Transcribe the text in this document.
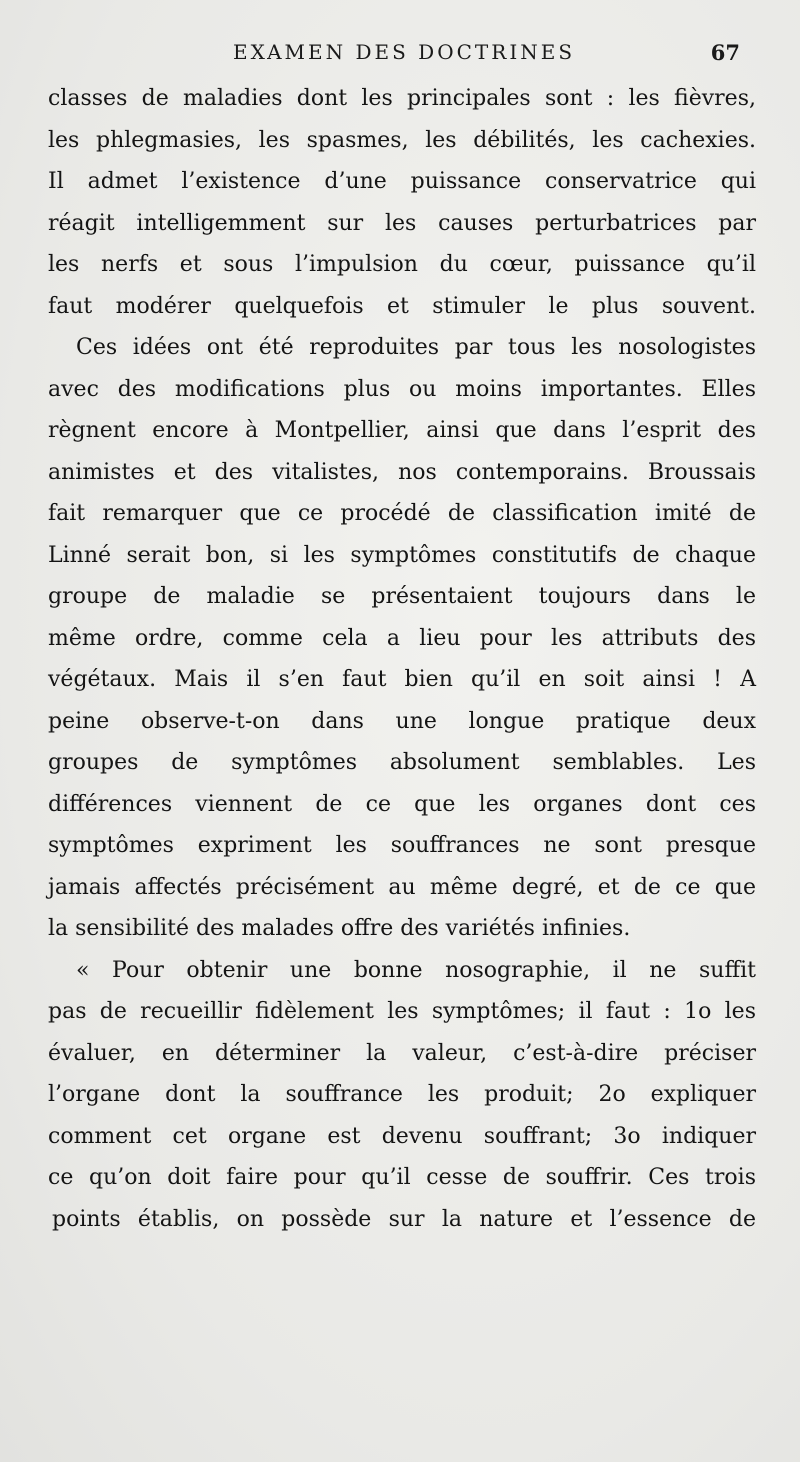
EXAMEN DES DOCTRINES	67
classes de maladies dont les principales sont : les fièvres,
les phlegmasies, les spasmes, les débilités, les cachexies.
Il admet l’existence d’une puissance conservatrice qui
réagit intelligemment sur les causes perturbatrices par
les nerfs et sous l’impulsion du cœur, puissance qu’il
faut modérer quelquefois et stimuler le plus souvent.
Ces idées ont été reproduites par tous les nosologistes
avec des modifications plus ou moins importantes. Elles
règnent encore à Montpellier, ainsi que dans l’esprit des
animistes et des vitalistes, nos contemporains. Broussais
fait remarquer que ce procédé de classification imité de
Linné serait bon, si les symptômes constitutifs de chaque
groupe de maladie se présentaient toujours dans le
même ordre, comme cela a lieu pour les attributs des
végétaux. Mais il s’en faut bien qu’il en soit ainsi ! A
peine observe-t-on dans une longue pratique deux
groupes de symptômes absolument semblables. Les
différences viennent de ce que les organes dont ces
symptômes expriment les souffrances ne sont presque
jamais affectés précisément au même degré, et de ce que
la sensibilité des malades offre des variétés infinies.
« Pour obtenir une bonne nosographie, il ne suffit
pas de recueillir fidèlement les symptômes; il faut : 1o les
évaluer, en déterminer la valeur, c’est-à-dire préciser
l’organe dont la souffrance les produit; 2o expliquer
comment cet organe est devenu souffrant; 3o indiquer
ce qu’on doit faire pour qu’il cesse de souffrir. Ces trois
points établis, on possède sur la nature et l’essence de
